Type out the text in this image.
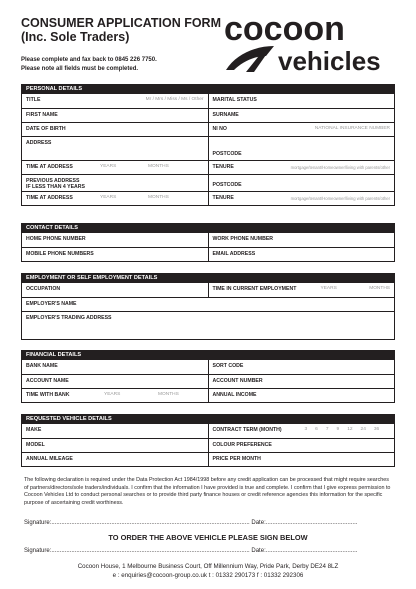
CONSUMER APPLICATION FORM
(Inc. Sole Traders)
Please complete and fax back to 0845 226 7750.
Please note all fields must be completed.
cocoon
vehicles
PERSONAL DETAILS
TITLE	Mr / Mrs / Miss / Ms / Other	MARITAL STATUS
FIRST NAME	SURNAME
DATE OF BIRTH	NI NO	NATIONAL INSURANCE NUMBER
ADDRESS
POSTCODE
TIME AT ADDRESS	YEARS	MONTHS	TENURE	mortgage/tenant/Homeowner/living with parents/other
PREVIOUS ADDRESS
IF LESS THAN 4 YEARS	POSTCODE
TIME AT ADDRESS	YEARS	MONTHS	TENURE	mortgage/tenant/Homeowner/living with parents/other
CONTACT DETAILS
HOME PHONE NUMBER	WORK PHONE NUMBER
MOBILE PHONE NUMBERS	EMAIL ADDRESS
EMPLOYMENT OR SELF EMPLOYMENT DETAILS
OCCUPATION	TIME IN CURRENT EMPLOYMENT	YEARS	MONTHS
EMPLOYER'S NAME
EMPLOYER'S TRADING ADDRESS
FINANCIAL DETAILS
BANK NAME	SORT CODE
ACCOUNT NAME	ACCOUNT NUMBER
TIME WITH BANK	YEARS	MONTHS	ANNUAL INCOME
REQUESTED VEHICLE DETAILS
MAKE	CONTRACT TERM (MONTH)	3 6 7 9 12 24 36
MODEL	COLOUR PREFERENCE
ANNUAL MILEAGE	PRICE PER MONTH
The following declaration is required under the Data Protection Act 1984/1998 before any credit application can be processed that might require searches of partners/directors/sole traders/individuals. I confirm that the information I have provided is true and complete. I confirm that I give express permission to Cocoon Vehicles Ltd to conduct personal searches or to provide third party finance houses or credit reference agencies this information for the specific purpose of ascertaining credit worthiness.
Signature:....................................................................................................................... Date:.......................................................
TO ORDER THE ABOVE VEHICLE PLEASE SIGN BELOW
Signature:....................................................................................................................... Date:.......................................................
Cocoon House, 1 Melbourne Business Court, Off Millennium Way, Pride Park, Derby DE24 8LZ
e : enquiries@cocoon-group.co.uk t : 01332 290173 f : 01332 292306
